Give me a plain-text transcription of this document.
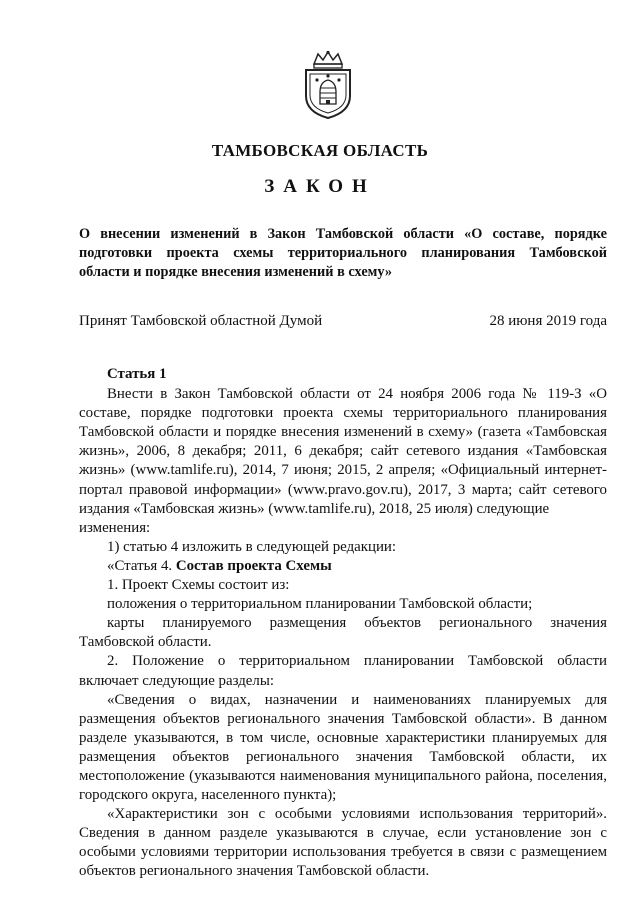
ТАМБОВСКАЯ ОБЛАСТЬ
ЗАКОН
О внесении изменений в Закон Тамбовской области «О составе, порядке подготовки проекта схемы территориального планирования Тамбовской области и порядке внесения изменений в схему»
Принят Тамбовской областной Думой	28 июня 2019 года

Статья 1

Внести в Закон Тамбовской области от 24 ноября 2006 года № 119-З «О составе, порядке подготовки проекта схемы территориального планирования Тамбовской области и порядке внесения изменений в схему» (газета «Тамбовская жизнь», 2006, 8 декабря; 2011, 6 декабря; сайт сетевого издания «Тамбовская жизнь» (www.tamlife.ru), 2014, 7 июня; 2015, 2 апреля; «Официальный интернет-портал правовой информации» (www.pravo.gov.ru), 2017, 3 марта; сайт сетевого издания «Тамбовская жизнь» (www.tamlife.ru), 2018, 25 июля) следующие
изменения:

1) статью 4 изложить в следующей редакции:

«Статья 4. Состав проекта Схемы

1. Проект Схемы состоит из:

положения о территориальном планировании Тамбовской области;

карты планируемого размещения объектов регионального значения Тамбовской области.

2. Положение о территориальном планировании Тамбовской области включает следующие разделы:

«Сведения о видах, назначении и наименованиях планируемых для размещения объектов регионального значения Тамбовской области». В данном разделе указываются, в том числе, основные характеристики планируемых для размещения объектов регионального значения Тамбовской области, их местоположение (указываются наименования муниципального района, поселения, городского округа, населенного пункта);

«Характеристики зон с особыми условиями использования территорий». Сведения в данном разделе указываются в случае, если установление зон с особыми условиями территории использования требуется в связи с размещением объектов регионального значения Тамбовской области.
